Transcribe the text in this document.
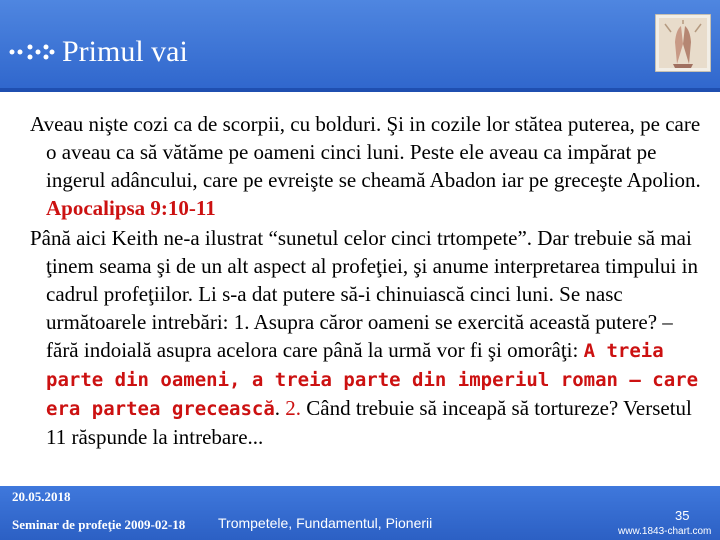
Primul vai

Aveau nişte cozi ca de scorpii, cu bolduri. Şi in cozile lor stătea puterea, pe care o aveau ca să vătăme pe oameni cinci luni. Peste ele aveau ca impărat pe ingerul adâncului, care pe evreişte se cheamă Abadon iar pe greceşte Apolion. Apocalipsa 9:10-11

Până aici Keith ne-a ilustrat “sunetul celor cinci trtompete”. Dar trebuie să mai ţinem seama şi de un alt aspect al profeţiei, şi anume interpretarea timpului in cadrul profeţiilor. Li s-a dat putere să-i chinuiască cinci luni. Se nasc următoarele intrebări: 1. Asupra căror oameni se exercită această putere? – fără indoială asupra acelora care până la urmă vor fi şi omorâţi: A treia parte din oameni, a treia parte din imperiul roman – care era partea grecească. 2. Când trebuie să inceapă să tortureze? Versetul 11 răspunde la intrebare...

20.05.2018
Seminar de profeţie 2009-02-18 Trompetele, Fundamentul, Pionerii	35
www.1843-chart.com
